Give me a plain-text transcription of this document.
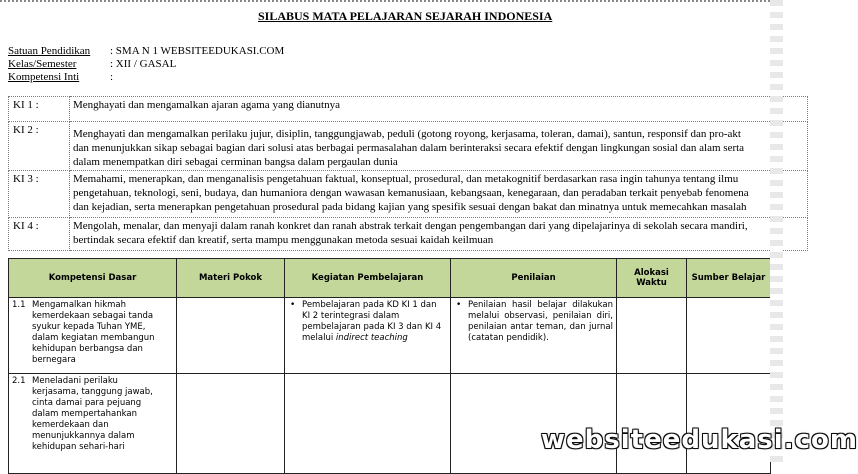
SILABUS MATA PELAJARAN SEJARAH INDONESIA
Satuan Pendidikan : SMA N 1 WEBSITEEDUKASI.COM
Kelas/Semester	: XII / GASAL
Kompetensi Inti	:
KI 1 :	Menghayati dan mengamalkan ajaran agama yang dianutnya

KI 2 :	Menghayati dan mengamalkan perilaku jujur, disiplin, tanggungjawab, peduli (gotong royong, kerjasama, toleran, damai), santun, responsif dan pro-akt
dan menunjukkan sikap sebagai bagian dari solusi atas berbagai permasalahan dalam berinteraksi secara efektif dengan lingkungan sosial dan alam serta
dalam menempatkan diri sebagai cerminan bangsa dalam pergaulan dunia

KI 3 :	Memahami, menerapkan, dan menganalisis pengetahuan faktual, konseptual, prosedural, dan metakognitif berdasarkan rasa ingin tahunya tentang ilmu
pengetahuan, teknologi, seni, budaya, dan humaniora dengan wawasan kemanusiaan, kebangsaan, kenegaraan, dan peradaban terkait penyebab fenomena
dan kejadian, serta menerapkan pengetahuan prosedural pada bidang kajian yang spesifik sesuai dengan bakat dan minatnya untuk memecahkan masalah

KI 4 :	Mengolah, menalar, dan menyaji dalam ranah konkret dan ranah abstrak terkait dengan pengembangan dari yang dipelajarinya di sekolah secara mandiri,
bertindak secara efektif dan kreatif, serta mampu menggunakan metoda sesuai kaidah keilmuan
Kompetensi Dasar	Materi Pokok	Kegiatan Pembelajaran	Penilaian	Alokasi Waktu	Sumber Belajar
1.1 Mengamalkan hikmah kemerdekaan sebagai tanda syukur kepada Tuhan YME, dalam kegiatan membangun kehidupan berbangsa dan bernegara		• Pembelajaran pada KD KI 1 dan KI 2 terintegrasi dalam pembelajaran pada KI 3 dan KI 4 melalui indirect teaching	• Penilaian hasil belajar dilakukan melalui observasi, penilaian diri, penilaian antar teman, dan jurnal (catatan pendidik).		

2.1 Meneladani perilaku kerjasama, tanggung jawab, cinta damai para pejuang dalam mempertahankan kemerdekaan dan menunjukkannya dalam kehidupan sehari-hari						websiteedukasi.com
